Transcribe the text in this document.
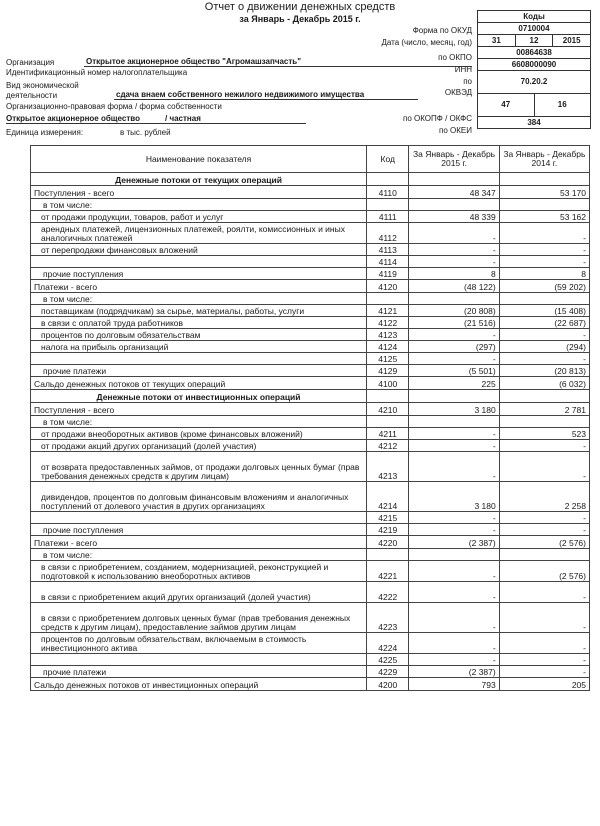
Отчет о движении денежных средств
за Январь - Декабрь 2015 г.
Форма по ОКУД
Дата (число, месяц, год)
по ОКПО
ИНН
по
ОКВЭД
по ОКОПФ / ОКФС
по ОКЕИ
Коды
0710004
31	12	2015
00864638
6608000090
70.20.2
47	16
384
Организация	Открытое акционерное общество "Агромашзапчасть"
Идентификационный номер налогоплательщика
Вид экономической
деятельности	сдача внаем собственного нежилого недвижимого имущества
Организационно-правовая форма / форма собственности
Открытое акционерное общество	/ частная
Единица измерения:	в тыс. рублей
Наименование показателя	Код	За Январь - Декабрь 2015 г.	За Январь - Декабрь 2014 г.
Денежные потоки от текущих операций			
Поступления - всего	4110	48 347	53 170
в том числе:			
от продажи продукции, товаров, работ и услуг	4111	48 339	53 162
арендных платежей, лицензионных платежей, роялти, комиссионных и иных аналогичных платежей	4112	-	-
от перепродажи финансовых вложений	4113	-	-
	4114	-	-
прочие поступления	4119	8	8
Платежи - всего	4120	(48 122)	(59 202)
в том числе:			
поставщикам (подрядчикам) за сырье, материалы, работы, услуги	4121	(20 808)	(15 408)
в связи с оплатой труда работников	4122	(21 516)	(22 687)
процентов по долговым обязательствам	4123	-	-
налога на прибыль организаций	4124	(297)	(294)
	4125	-	-
прочие платежи	4129	(5 501)	(20 813)
Сальдо денежных потоков от текущих операций	4100	225	(6 032)
Денежные потоки от инвестиционных операций			
Поступления - всего	4210	3 180	2 781
в том числе:			
от продажи внеоборотных активов (кроме финансовых вложений)	4211	-	523
от продажи акций других организаций (долей участия)	4212	-	-
от возврата предоставленных займов, от продажи долговых ценных бумаг (прав требования денежных средств к другим лицам)	4213	-	-
дивидендов, процентов по долговым финансовым вложениям и аналогичных поступлений от долевого участия в других организациях	4214	3 180	2 258
	4215	-	-
прочие поступления	4219	-	-
Платежи - всего	4220	(2 387)	(2 576)
в том числе:			
в связи с приобретением, созданием, модернизацией, реконструкцией и подготовкой к использованию внеоборотных активов	4221	-	(2 576)
в связи с приобретением акций других организаций (долей участия)	4222	-	-
в связи с приобретением долговых ценных бумаг (прав требования денежных средств к другим лицам), предоставление займов другим лицам	4223	-	-
процентов по долговым обязательствам, включаемым в стоимость инвестиционного актива	4224	-	-
	4225	-	-
прочие платежи	4229	(2 387)	-
Сальдо денежных потоков от инвестиционных операций	4200	793	205
